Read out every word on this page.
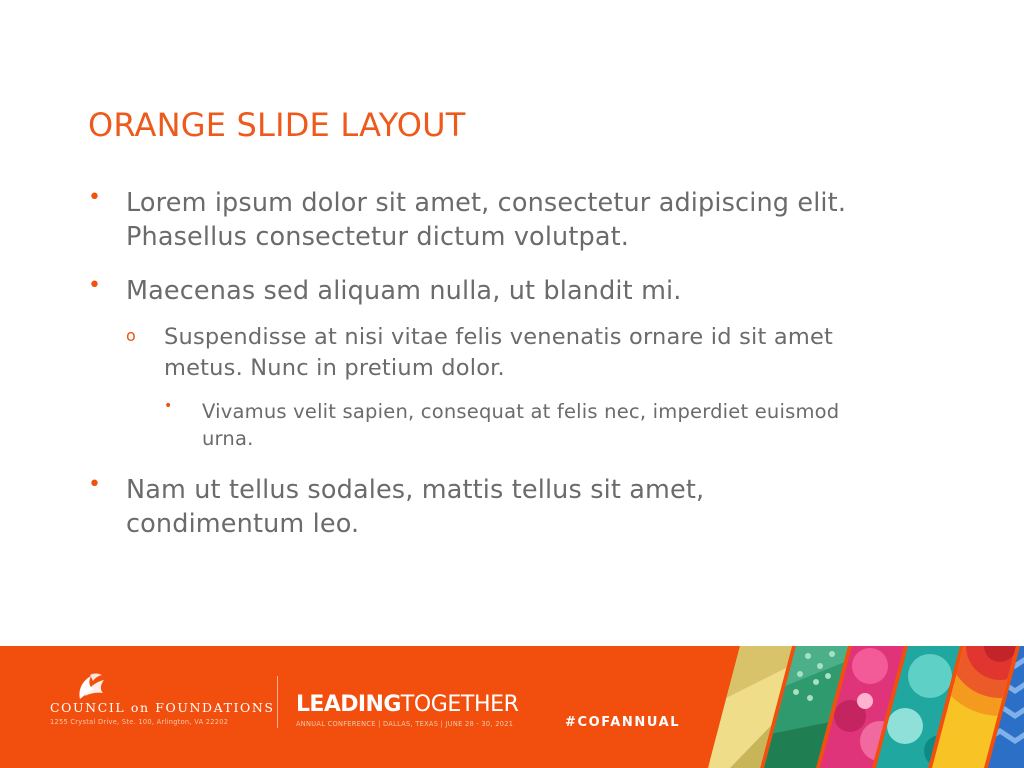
ORANGE SLIDE LAYOUT
• Lorem ipsum dolor sit amet, consectetur adipiscing elit.
Phasellus consectetur dictum volutpat.
• Maecenas sed aliquam nulla, ut blandit mi.
o Suspendisse at nisi vitae felis venenatis ornare id sit amet
metus. Nunc in pretium dolor.
• Vivamus velit sapien, consequat at felis nec, imperdiet euismod
urna.
• Nam ut tellus sodales, mattis tellus sit amet,
condimentum leo.
COUNCIL on FOUNDATIONS
1255 Crystal Drive, Ste. 100, Arlington, VA 22202
LEADINGTOGETHER
ANNUAL CONFERENCE | DALLAS, TEXAS | JUNE 28 - 30, 2021	#COFANNUAL
